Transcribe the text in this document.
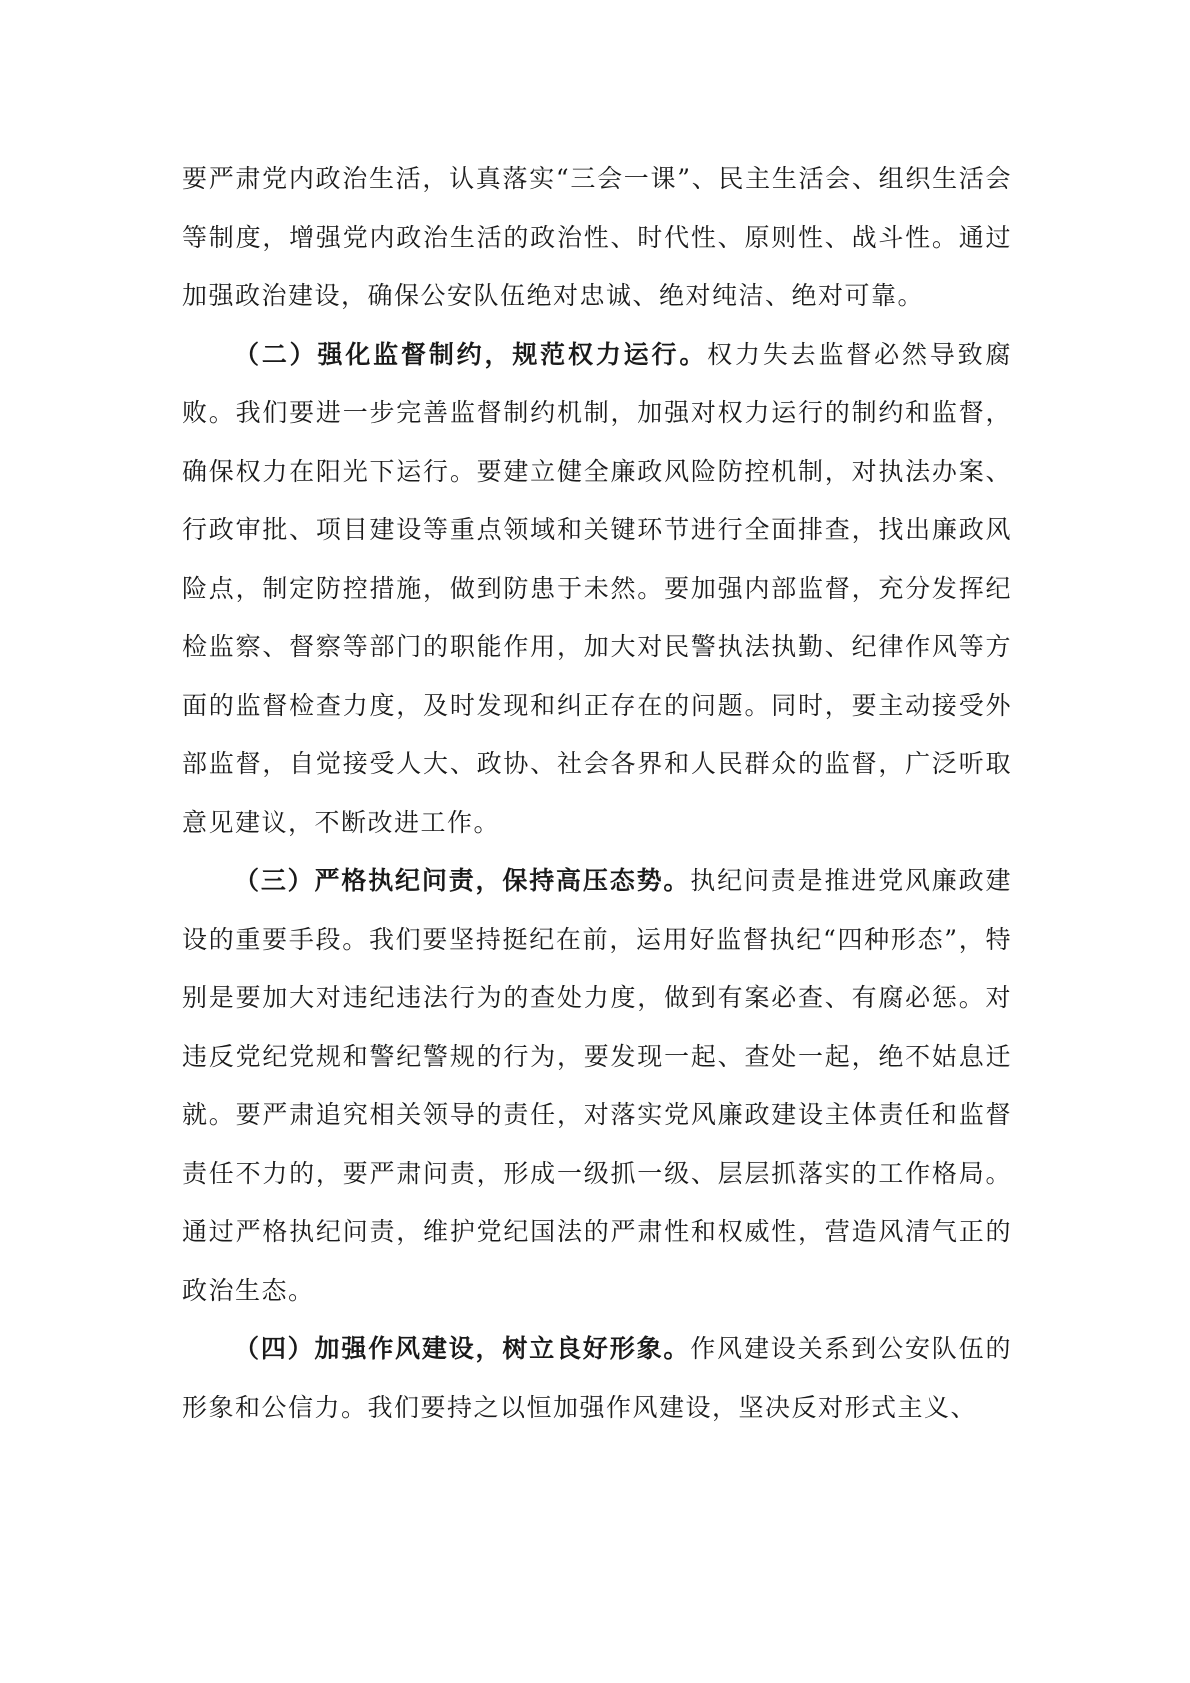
要严肃党内政治生活，认真落实“三会一课”、民主生活会、组织生活会等制度，增强党内政治生活的政治性、时代性、原则性、战斗性。通过加强政治建设，确保公安队伍绝对忠诚、绝对纯洁、绝对可靠。

（二）强化监督制约，规范权力运行。权力失去监督必然导致腐败。我们要进一步完善监督制约机制，加强对权力运行的制约和监督，确保权力在阳光下运行。要建立健全廉政风险防控机制，对执法办案、行政审批、项目建设等重点领域和关键环节进行全面排查，找出廉政风险点，制定防控措施，做到防患于未然。要加强内部监督，充分发挥纪检监察、督察等部门的职能作用，加大对民警执法执勤、纪律作风等方面的监督检查力度，及时发现和纠正存在的问题。同时，要主动接受外部监督，自觉接受人大、政协、社会各界和人民群众的监督，广泛听取意见建议，不断改进工作。

（三）严格执纪问责，保持高压态势。执纪问责是推进党风廉政建设的重要手段。我们要坚持挺纪在前，运用好监督执纪“四种形态”，特别是要加大对违纪违法行为的查处力度，做到有案必查、有腐必惩。对违反党纪党规和警纪警规的行为，要发现一起、查处一起，绝不姑息迁就。要严肃追究相关领导的责任，对落实党风廉政建设主体责任和监督责任不力的，要严肃问责，形成一级抓一级、层层抓落实的工作格局。通过严格执纪问责，维护党纪国法的严肃性和权威性，营造风清气正的政治生态。

（四）加强作风建设，树立良好形象。作风建设关系到公安队伍的形象和公信力。我们要持之以恒加强作风建设，坚决反对形式主义、
